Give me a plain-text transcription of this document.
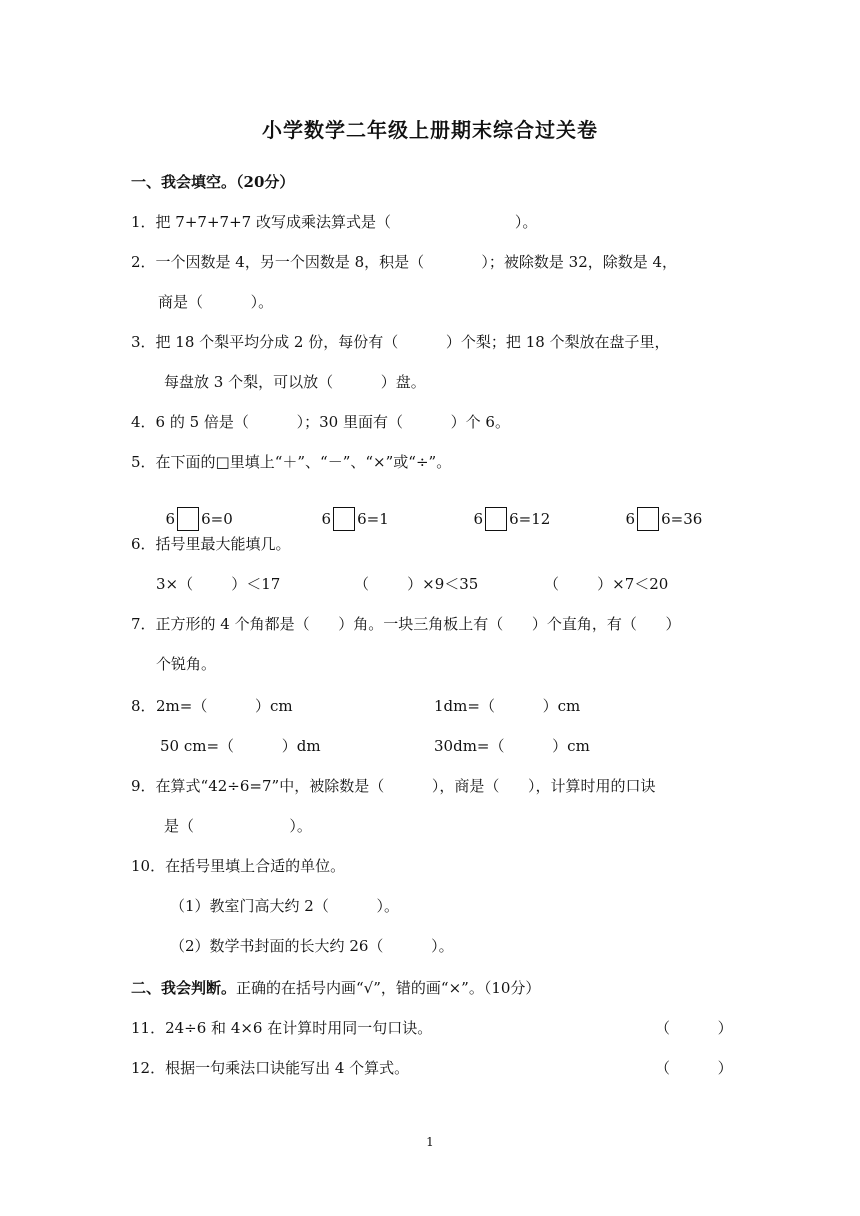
小学数学二年级上册期末综合过关卷
一、我会填空。（20分）
1．把 7+7+7+7 改写成乘法算式是（                          ）。
2．一个因数是 4，另一个因数是 8，积是（            ）；被除数是 32，除数是 4，
商是（          ）。
3．把 18 个梨平均分成 2 份，每份有（          ）个梨；把 18 个梨放在盘子里，
每盘放 3 个梨，可以放（          ）盘。
4．6 的 5 倍是（          ）；30 里面有（          ）个 6。
5．在下面的□里填上“＋”、“－”、“×”或“÷”。

6 6=0	6 6=1	6 6=12	6 6=36

6．括号里最大能填几。
3×（        ）＜17	（        ）×9＜35	（        ）×7＜20
7．正方形的 4 个角都是（      ）角。一块三角板上有（      ）个直角，有（      ）
个锐角。
8． 2m=（          ）cm	1dm=（          ）cm
50 cm=（          ）dm	30dm=（          ）cm
9．在算式“42÷6=7”中，被除数是（          ），商是（      ），计算时用的口诀
是（                    ）。
10．在括号里填上合适的单位。
（1）教室门高大约 2（          ）。
（2）数学书封面的长大约 26（          ）。
二、我会判断。正确的在括号内画“√”，错的画“×”。（10分）
11．24÷6 和 4×6 在计算时用同一句口诀。	（          ）
12．根据一句乘法口诀能写出 4 个算式。	（          ）
1
